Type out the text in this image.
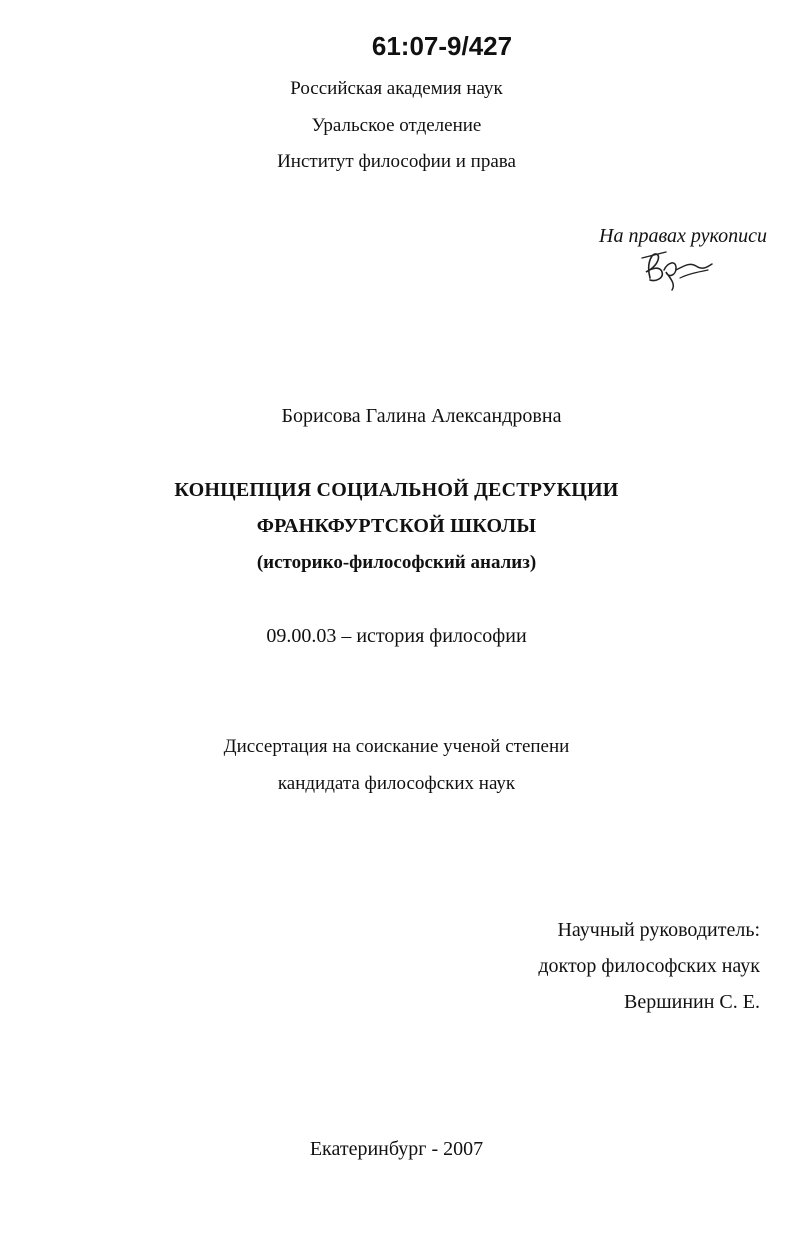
61:07-9/427
Российская академия наук
Уральское отделение
Институт философии и права
На правах рукописи
Борисова Галина Александровна
КОНЦЕПЦИЯ СОЦИАЛЬНОЙ ДЕСТРУКЦИИ
ФРАНКФУРТСКОЙ ШКОЛЫ
(историко-философский анализ)
09.00.03 – история философии
Диссертация на соискание ученой степени
кандидата философских наук
Научный руководитель:
доктор философских наук
Вершинин С. Е.
Екатеринбург - 2007
